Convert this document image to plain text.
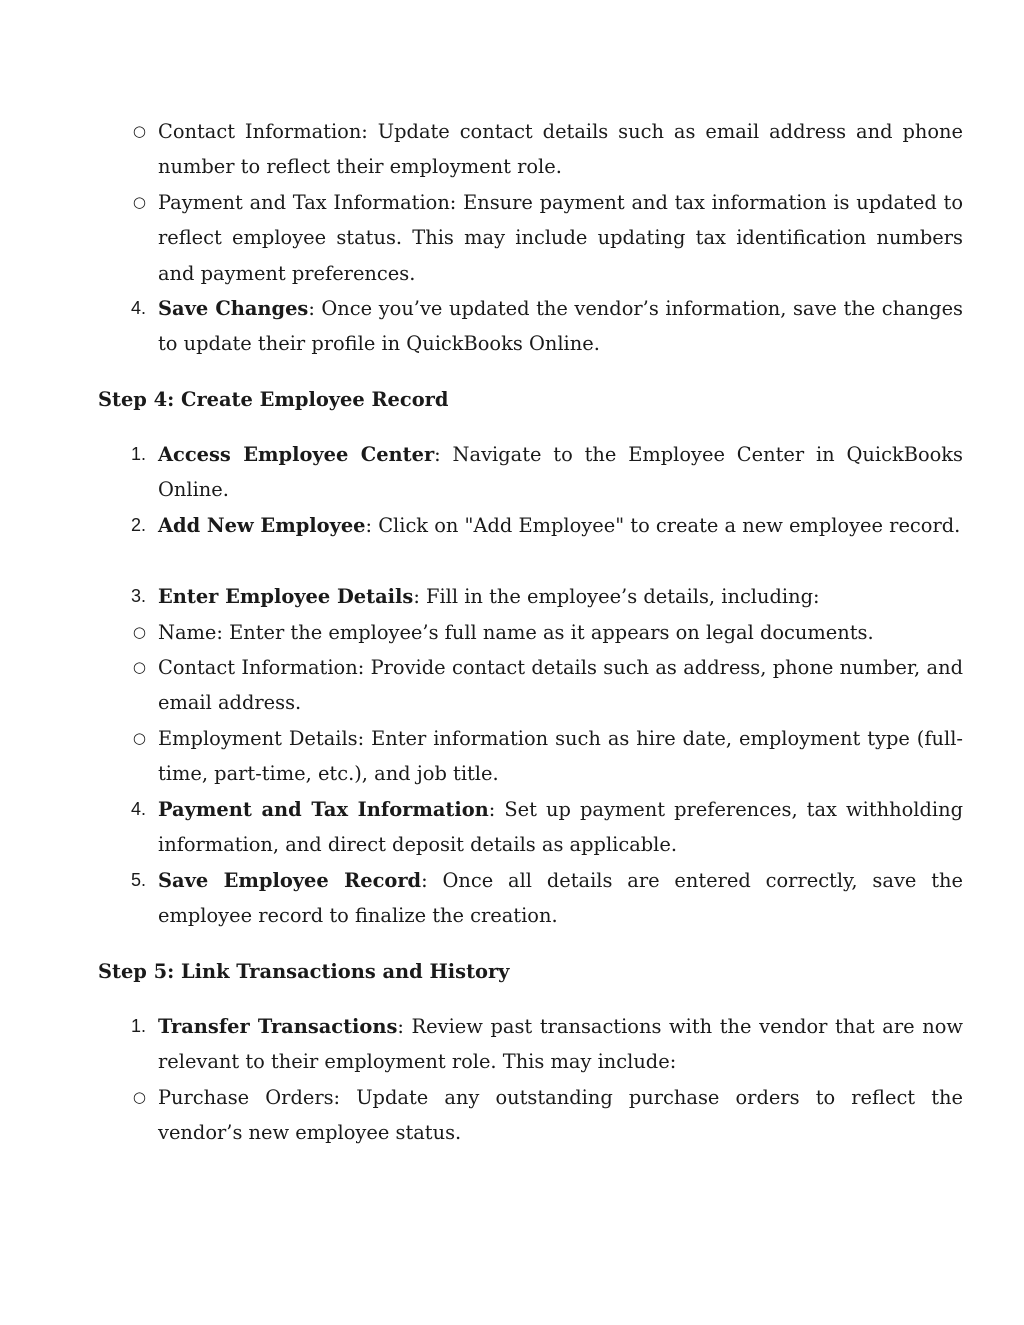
○ Contact Information: Update contact details such as email address and phone number to reflect their employment role.
○ Payment and Tax Information: Ensure payment and tax information is updated to reflect employee status. This may include updating tax identification numbers and payment preferences.
4. Save Changes: Once you’ve updated the vendor’s information, save the changes to update their profile in QuickBooks Online.
Step 4: Create Employee Record
1. Access Employee Center: Navigate to the Employee Center in QuickBooks Online.
2. Add New Employee: Click on "Add Employee" to create a new employee record.
3. Enter Employee Details: Fill in the employee’s details, including:
○ Name: Enter the employee’s full name as it appears on legal documents.
○ Contact Information: Provide contact details such as address, phone number, and email address.
○ Employment Details: Enter information such as hire date, employment type (full-time, part-time, etc.), and job title.
4. Payment and Tax Information: Set up payment preferences, tax withholding information, and direct deposit details as applicable.
5. Save Employee Record: Once all details are entered correctly, save the employee record to finalize the creation.
Step 5: Link Transactions and History
1. Transfer Transactions: Review past transactions with the vendor that are now relevant to their employment role. This may include:
○ Purchase Orders: Update any outstanding purchase orders to reflect the vendor’s new employee status.
